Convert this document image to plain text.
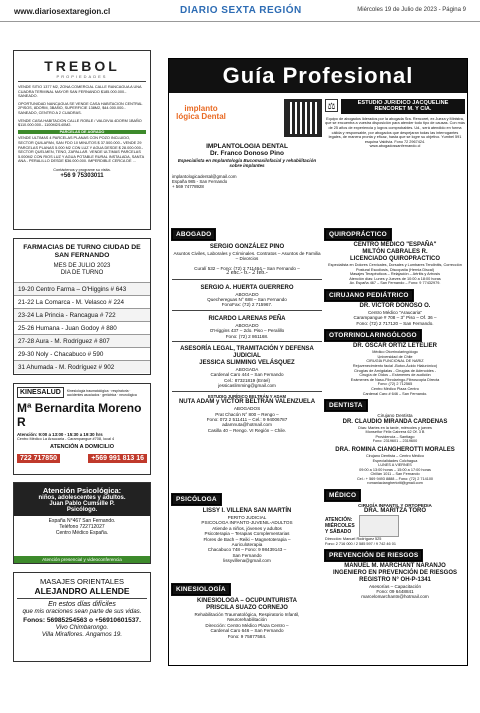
www.diariosextaregion.cl	DIARIO SEXTA REGIÓN	Miércoles 19 de Julio de 2023 - Página 9
TREBOL
PROPIEDADES

VENDE SITIO 1377 M2, ZONA COMERCIAL CALLE RANCAGUA A UNA CUADRA TERMINAL MAYOR SAN FERNANDO $185.000.000.- SANEADO.

OPORTUNIDAD NANCAGUA SE VENDE CASA HABITACION CENTRAL 2PISOS, 8DORM, 3BAÑO, SUPERFICIE 138M2, $44.000.000.- SANEADO, CENTRO A 2 CUADRAS.

VENDE CASA HABITACION CALLE ROBLE / VALDIVIA 4DORM 1BAÑO $110.000.000.- 1100M2/140M2.

PARCELAS DE AGRADO

VENDE ULTIMAS 4 PARCELAS PLANAS CON POZO INCLUIDO, SECTOR QUILAPAN, SAN FDO 10 MINUTOS $ 37.500.000.- VENDE 29 PARCELAS PLANAS 5.000 M2 CON LUZ Y AGUA DESDE $ 28.000.000.- SECTOR QUELMEN, TENO, ZAPALLAR. VENDE ULTIMAS PARCELAS 5.000M2 CON RIOS LUZ Y AGUA POTABLE RURAL INSTALADA, SANTA ANA - PERALILLO DESDE $36.000.000. IMPERDIBLE CERCA DE ...

Contáctenos y programe su visita.

+56 9 75303011

FARMACIAS DE TURNO CIUDAD DE SAN FERNANDO
MES DE JULIO 2023
DIA DE TURNO
19-20 Centro Farma – O'Higgins # 643
21-22 La Comarca - M. Velasco # 224
23-24 La Princia - Rancagua # 722
25-26 Humana - Juan Godoy # 880
27-28 Aura - M. Rodríguez # 807
29-30 Noly - Chacabuco # 590
31 Ahumada - M. Rodríguez # 902
KINESALUD	Kinesiología traumatológica · respiratoria · accidentes asociados · geriátrica · neurológica
Mª Bernardita Moreno R
Atención: 9:00 a 13:00 - 15:30 a 19:30 hrs
Centro Médico La Araucaria - Carampangue #708, local 4
ATENCIÓN A DOMICILIO
722 717850	+569 991 813 16
Atención Psicológica:
niños, adolescentes y adultos.
Juan Pablo Cumsille P.
Psicólogo.
España N°467 San Fernando.
Teléfono 722712027
Centro Médico España.
Atención presencial y videoconferencia
MASAJES ORIENTALES
ALEJANDRO ALLENDE
En estos días difíciles
que mis oraciones sean parte de sus vidas.
Fonos: 56985254563 o +56910601537.
Vivo Chimbarongo.
Villa Miraflores. Angamos 19.
Guía Profesional
implanto lógica Dental
IMPLANTOLOGIA DENTAL
Dr. Franco Donoso Pino
Especialista en Implantología Bucomaxilofacial y rehabilitación sobre implantes
implantologicadental@gmail.com
España 985 - San Fernando
+ 569 74778928
⚖	ESTUDIO JURIDICO JACQUELINE RENCORET M. Y CIA.
Equipo de abogados liderados por la abogada Sra. Rencoret, ex Jueza y Ministra, que se encuentra a vuestra disposición para atender todo tipo de causas. Con más de 25 años de experiencia y logros comprobables. Ud., será atendido en forma cálida y responsable, por abogados que despejaran todas las interrogantes legales, de manera pronta y eficaz, hasta que se logre su objetivo. Yumbel 591 esquina Valdivia. Fono 72 2967424.
www.abogadossanfernando.cl
ABOGADO
SERGIO GONZÁLEZ PINO
Asuntos Civiles, Laborales y Criminales. Contratos – Asuntos de Familia – Divorcios
Curalí 532 – Fono: (72) 2 711464 – San Fernando –
2 enc.- b.- 2 feb.-
SERGIO A. HUERTA GUERRERO
ABOGADO
Quechereguas N° 688 – San Fernando
FonoFax: (72) 2 715967.
RICARDO LARENAS PEÑA
ABOGADO
O'Higgins 437 – 2do. Piso – Peralillo
Fono: (72) 2 861168.
ASESORÍA LEGAL, TRAMITACIÓN Y DEFENSA JUDICIAL
JESSICA SLIMMING VELÁSQUEZ
ABOGADA
Cardenal Caro 444 – San Fernando
Cel.: 87321819 (Entel)
jessicaslimming@gmail.com
ESTUDIO JURÍDICO BELTRÁN Y ADAM
NUTA ADAM y VÍCTOR BELTRÁN VALENZUELA
ABOGADOS
Prat Chacón N° 800 – Rengo –
Fono: 072 2 511411 – Cel.: 9 94006787
adamnuta@hotmail.com
Casilla 40 – Rengo. VI Región – Chile.
PSICÓLOGA
LISSY I. VILLENA SAN MARTÍN
PERITO JUDICIAL
PSICOLOGA INFANTO-JUVENIL-ADULTOS
Atiende a niños, jóvenes y adultos
Psicoterapia – Terapias Complementarias
Flores de Bach – Reiki – Magnetoterapia –
Auriculoterapia
Chacabuco 748 – Fono: 9 98439143 –
San Fernando
lissyvillena@gmail.com
KINESIOLOGÍA
KINESIOLOGA – OCUPUNTURISTA
PRISCILA SUAZO CORNEJO
Rehabilitación Traumatológica, Respiratorio Infantil,
Neurorehabilitación
Dirección: Centro Médico Plaza Centro –
Cardenal Caro 646 – San Fernando
Fono: 9 75877584.
QUIROPRÁCTICO
CENTRO MÉDICO "ESPAÑA"
MILTÓN CABRALES R.
LICENCIADO QUIROPRACTICO
Especialista en Dolores Cervicales, Dorsales y Lumbares Tendinitis, Corrección Postural Escoliosis, Discopatía (Hernia Discal)
Masajes Terapéuticos – Relajación – Artritis y Artrosis
Atención días: Lunes y Jueves de 10:00 a 18:00 horas
Av. España 467 – San Fernando – Fono: 9 77432979.
CIRUJANO PEDIÁTRICO
DR. VÍCTOR DONOSO O.
Centro Médico "Araucaria"
Carampangue # 708 – 3° Piso – Of. 36 –
Fono: (72) 2 717120 – San Fernando.
OTORRINOLARINGÓLOGO
DR. ÓSCAR ORTIZ LETELIER
Médico Otorrinolaringólogo
Universidad de Chile
CIRUGÍA FUNCIONAL DE NARIZ
Rejuvenecimiento facial -Botox-Ácido Hialurónico)
Cirugías de Amígdalas - Cirugías de Adenoides -
Cirugía de Oídos – Exámenes de audición
Exámenes de Naso-Fibrolaringo-Fibroscopia Directa
Fono: (72) 2 712565
Centro Médico Plaza Centro
Cardenal Caro # 646 – San Fernando.
DENTISTA
Cirujano Dentista
DR. CLAUDIO MIRANDA CARDENAS
Días: Martes en la tarde, miércoles y jueves
Monseñor Félix Cabrera 62 Of. 3 B
Providencia – Santiago
Fono: 2319601 – 2319600
DRA. ROMINA CIANGHEROTTI MORALES
Cirujano Dentista – Centro Médico
Especialidades Colchagua
LUNES A VIERNES
09:00 a 13:00 horas – 15:00 a 17:00 horas
Chillán 1011 – San Fernando
Cel.: + 569 9493 8888 – Fono: (72) 2 714100
romaniacianghertotti@gmail.com
MÉDICO
CIRUGÍA INFANTIL Y ORTOPEDIA
DRA. MARITZA TORO
ATENCIÓN:
MIÉRCOLES
Y SÁBADO
Dirección: Manuel Rodríguez 525
Fono: 2 716 000 / 2 585 597 / 9 742 46 01
PREVENCIÓN DE RIESGOS
MANUEL M. MARCHANT NARANJO
INGENIERO EN PREVENCIÓN DE RIESGOS
REGISTRO N° OH-P-1341
Asesorías – Capacitación
Fono: 09 6448841
marcelomarchantn@hotmail.com
